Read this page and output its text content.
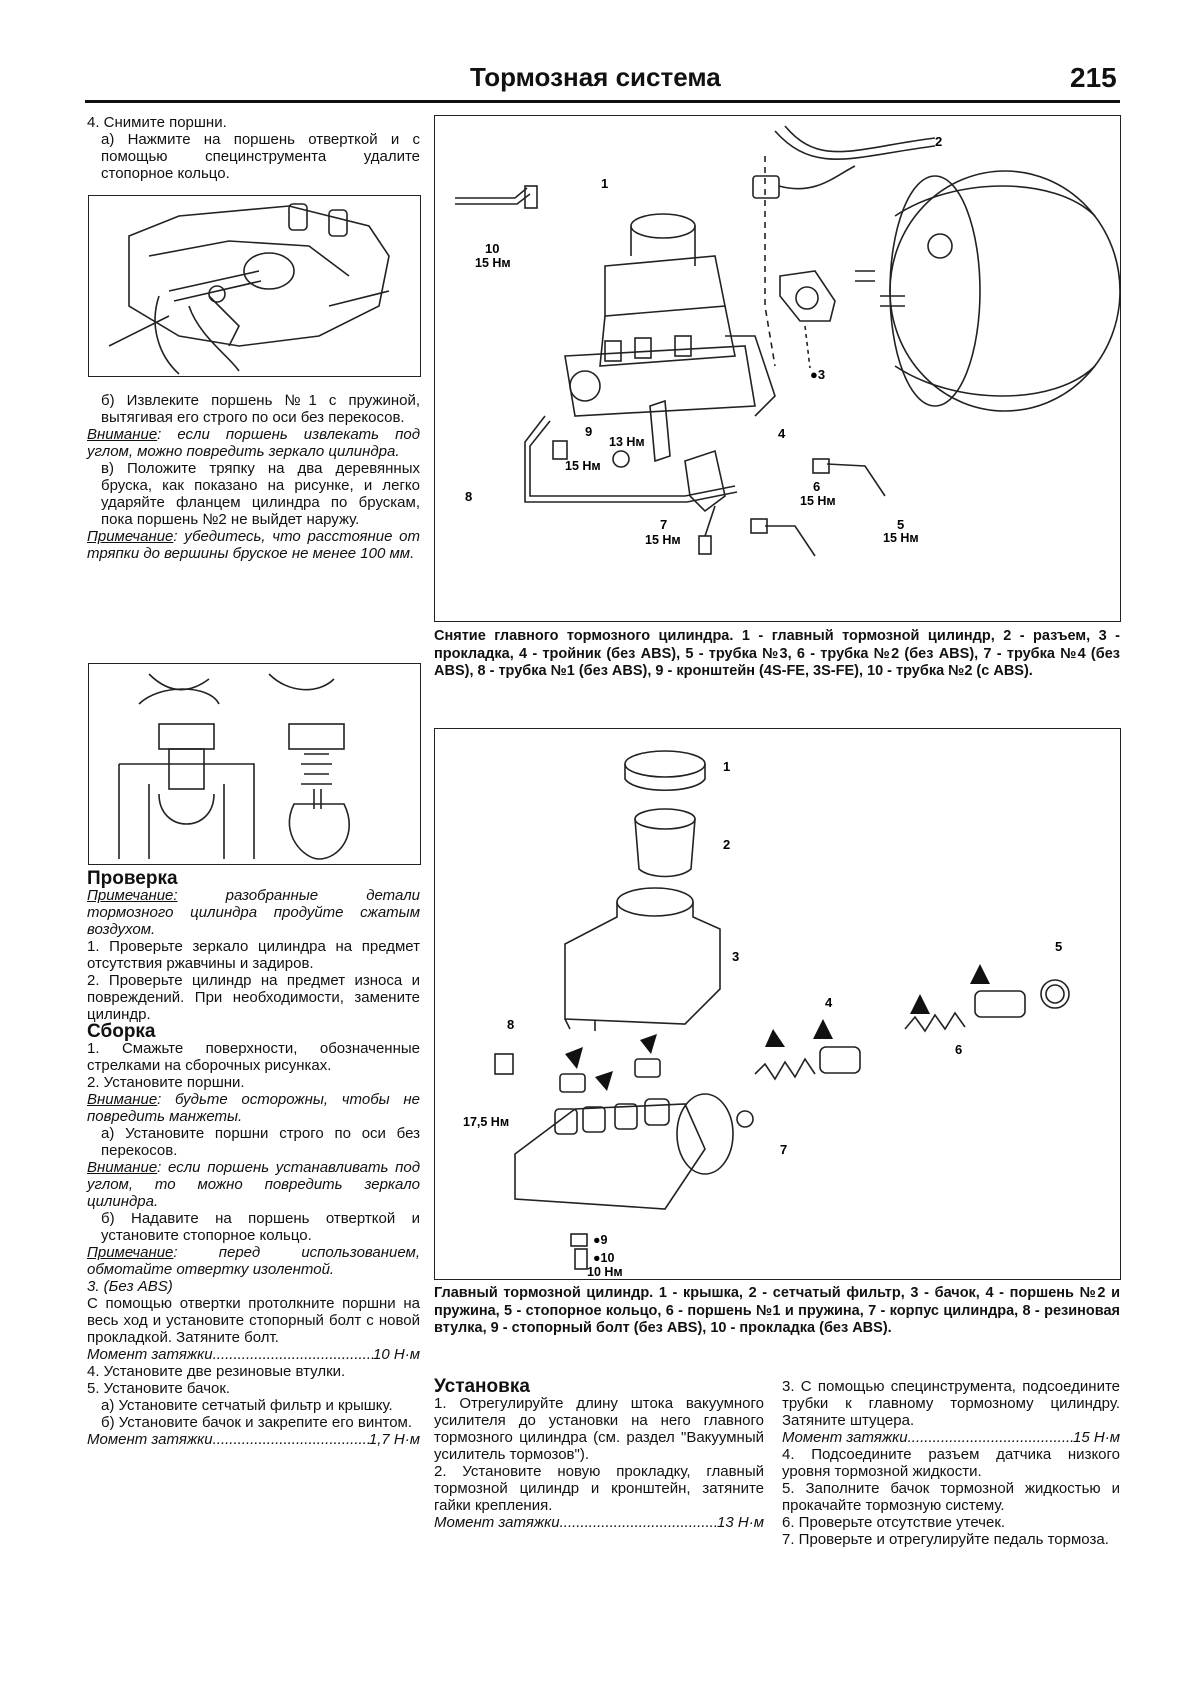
Тормозная система	215

4. Снимите поршни.

а) Нажмите на поршень отверткой и с помощью специнструмента удалите стопорное кольцо.

б) Извлеките поршень №1 с пружиной, вытягивая его строго по оси без перекосов.

Внимание: если поршень извлекать под углом, можно повредить зеркало цилиндра.

в) Положите тряпку на два деревянных бруска, как показано на рисунке, и легко ударяйте фланцем цилиндра по брускам, пока поршень №2 не выйдет наружу.

Примечание: убедитесь, что расстояние от тряпки до вершины бруское не менее 100 мм.

Проверка

Примечание: разобранные детали тормозного цилиндра продуйте сжатым воздухом.

1. Проверьте зеркало цилиндра на предмет отсутствия ржавчины и задиров.

2. Проверьте цилиндр на предмет износа и повреждений. При необходимости, замените цилиндр.

Сборка

1. Смажьте поверхности, обозначенные стрелками на сборочных рисунках.

2. Установите поршни.

Внимание: будьте осторожны, чтобы не повредить манжеты.

а) Установите поршни строго по оси без перекосов.

Внимание: если поршень устанавливать под углом, то можно повредить зеркало цилиндра.

б) Надавите на поршень отверткой и установите стопорное кольцо.

Примечание: перед использованием, обмотайте отвертку изолентой.

3. (Без ABS)

С помощью отвертки протолкните поршни на весь ход и установите стопорный болт с новой прокладкой. Затяните болт.

Момент затяжки .....	10 Н·м

4. Установите две резиновые втулки.

5. Установите бачок.

а) Установите сетчатый фильтр и крышку.

б) Установите бачок и закрепите его винтом.

Момент затяжки .....	1,7 Н·м

1
2
●3
4
5
15 Нм
6
15 Нм
7
15 Нм
8
9
15 Нм
13 Нм
10
15 Нм
Снятие главного тормозного цилиндра. 1 - главный тормозной цилиндр, 2 - разъем, 3 - прокладка, 4 - тройник (без ABS), 5 - трубка №3, 6 - трубка №2 (без ABS), 7 - трубка №4 (без ABS), 8 - трубка №1 (без ABS), 9 - кронштейн (4S-FE, 3S-FE), 10 - трубка №2 (с ABS).
1
2
3
4
5
6
7
8
17,5 Нм
●9
●10
10 Нм
Главный тормозной цилиндр. 1 - крышка, 2 - сетчатый фильтр, 3 - бачок, 4 - поршень №2 и пружина, 5 - стопорное кольцо, 6 - поршень №1 и пружина, 7 - корпус цилиндра, 8 - резиновая втулка, 9 - стопорный болт (без ABS), 10 - прокладка (без ABS).

Установка

1. Отрегулируйте длину штока вакуумного усилителя до установки на него главного тормозного цилиндра (см. раздел "Вакуумный усилитель тормозов").

2. Установите новую прокладку, главный тормозной цилиндр и кронштейн, затяните гайки крепления.

Момент затяжки .....	13 Н·м

3. С помощью специнструмента, подсоедините трубки к главному тормозному цилиндру. Затяните штуцера.

Момент затяжки .....	15 Н·м

4. Подсоедините разъем датчика низкого уровня тормозной жидкости.

5. Заполните бачок тормозной жидкостью и прокачайте тормозную систему.

6. Проверьте отсутствие утечек.

7. Проверьте и отрегулируйте педаль тормоза.
